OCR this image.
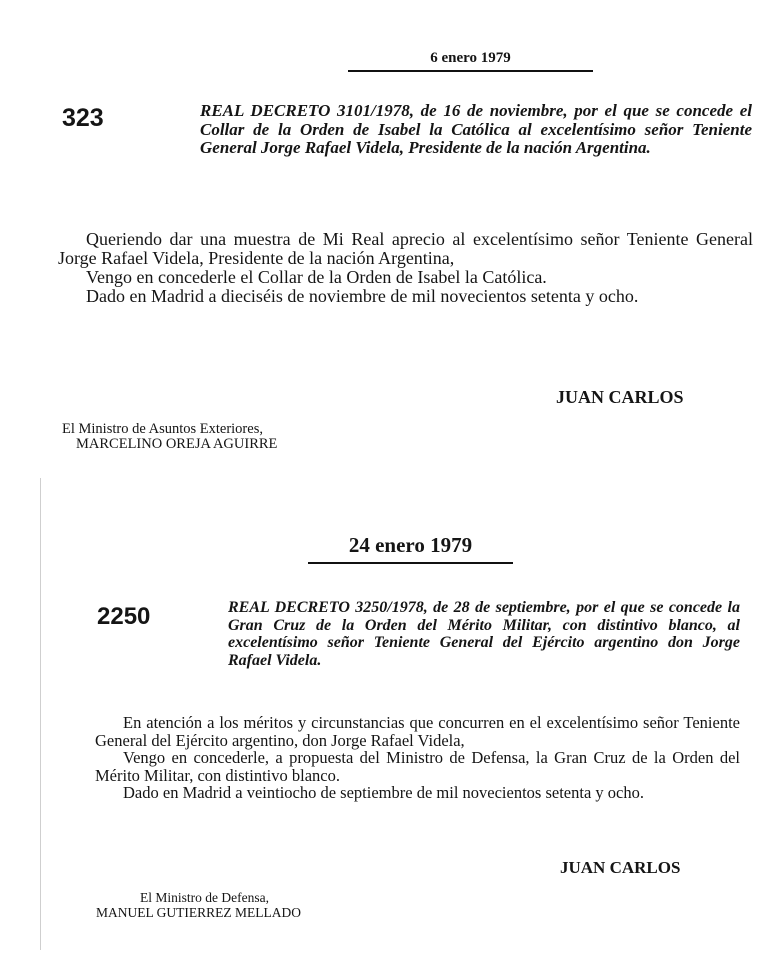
6 enero 1979
323	REAL DECRETO 3101/1978, de 16 de noviembre, por el que se concede el Collar de la Orden de Isabel la Católica al excelentísimo señor Teniente General Jorge Rafael Videla, Presidente de la nación Argentina.

Queriendo dar una muestra de Mi Real aprecio al excelentísimo señor Teniente General Jorge Rafael Videla, Presidente de la nación Argentina,

Vengo en concederle el Collar de la Orden de Isabel la Católica.

Dado en Madrid a dieciséis de noviembre de mil novecientos setenta y ocho.

JUAN CARLOS
El Ministro de Asuntos Exteriores,
MARCELINO OREJA AGUIRRE
24 enero 1979
2250	REAL DECRETO 3250/1978, de 28 de septiembre, por el que se concede la Gran Cruz de la Orden del Mérito Militar, con distintivo blanco, al excelentísimo señor Teniente General del Ejército argentino don Jorge Rafael Videla.

En atención a los méritos y circunstancias que concurren en el excelentísimo señor Teniente General del Ejército argentino, don Jorge Rafael Videla,

Vengo en concederle, a propuesta del Ministro de Defensa, la Gran Cruz de la Orden del Mérito Militar, con distintivo blanco.

Dado en Madrid a veintiocho de septiembre de mil novecientos setenta y ocho.

JUAN CARLOS
El Ministro de Defensa,
MANUEL GUTIERREZ MELLADO
